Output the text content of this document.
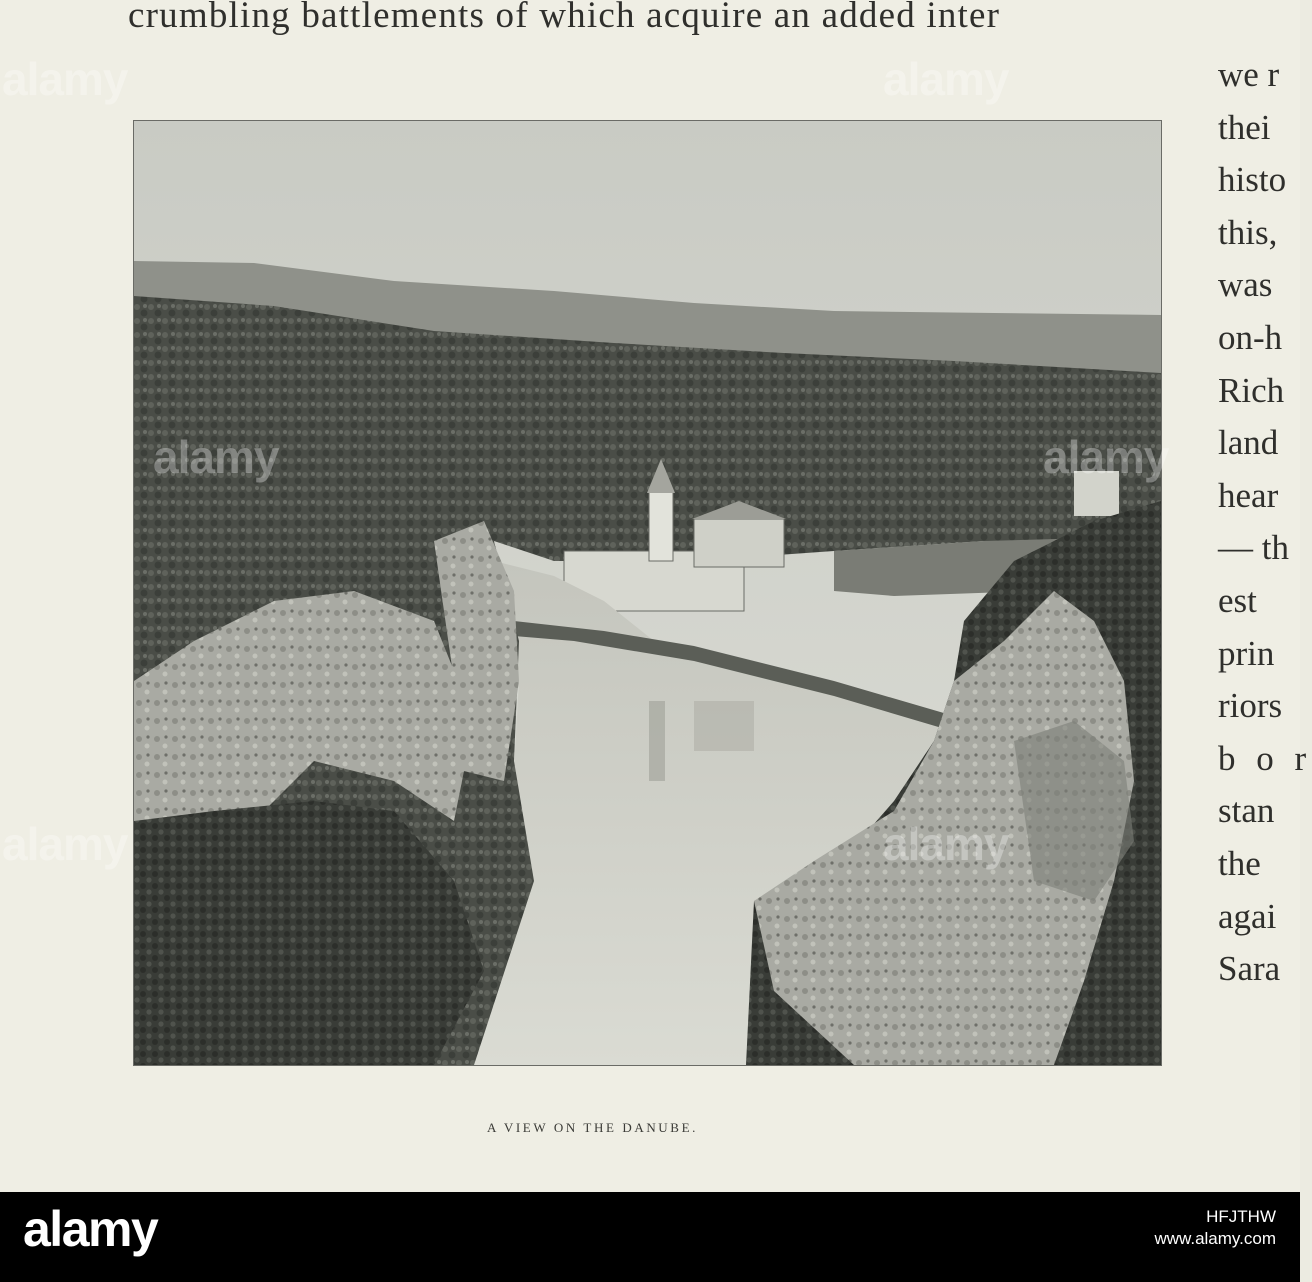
crumbling battlements of which acquire an added inter
we r
thei
histo
this,
was
on-h
Rich
land
hear
— th
est
prin
riors
b o r
stan
the
agai
Sara
A VIEW ON THE DANUBE.
alamy	alamy
alamy	alamy
alamy	alamy
alamy	HFJTHW
www.alamy.com
